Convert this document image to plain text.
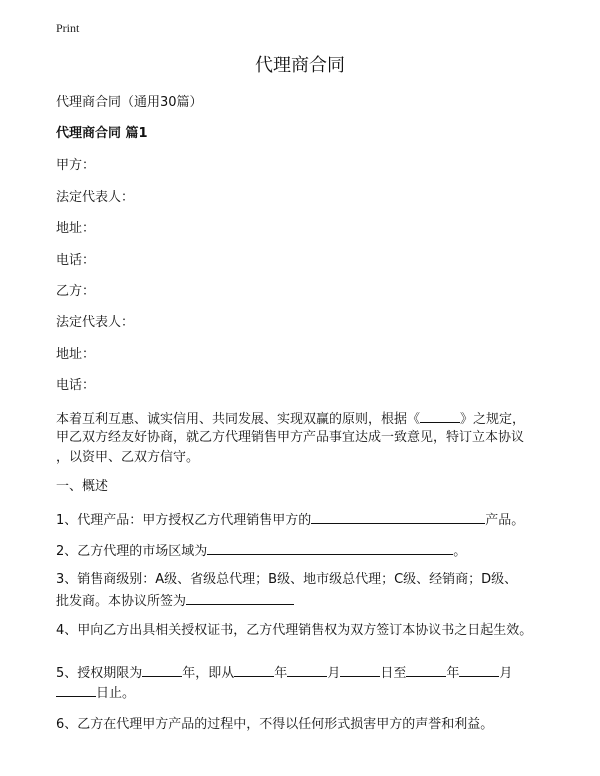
Print
代理商合同
代理商合同（通用30篇）
代理商合同 篇1
甲方：
法定代表人：
地址：
电话：
乙方：
法定代表人：
地址：
电话：
本着互利互惠、诚实信用、共同发展、实现双赢的原则，根据《	》之规定，
甲乙双方经友好协商，就乙方代理销售甲方产品事宜达成一致意见，特订立本协议
，以资甲、乙双方信守。
一、概述
1、代理产品：甲方授权乙方代理销售甲方的	产品。
2、乙方代理的市场区域为	。
3、销售商级别：A级、省级总代理；B级、地市级总代理；C级、经销商；D级、
批发商。本协议所签为
4、甲向乙方出具相关授权证书，乙方代理销售权为双方签订本协议书之日起生效。
5、授权期限为	年，即从	年	月	日至	年	月
日止。
6、乙方在代理甲方产品的过程中，不得以任何形式损害甲方的声誉和利益。
